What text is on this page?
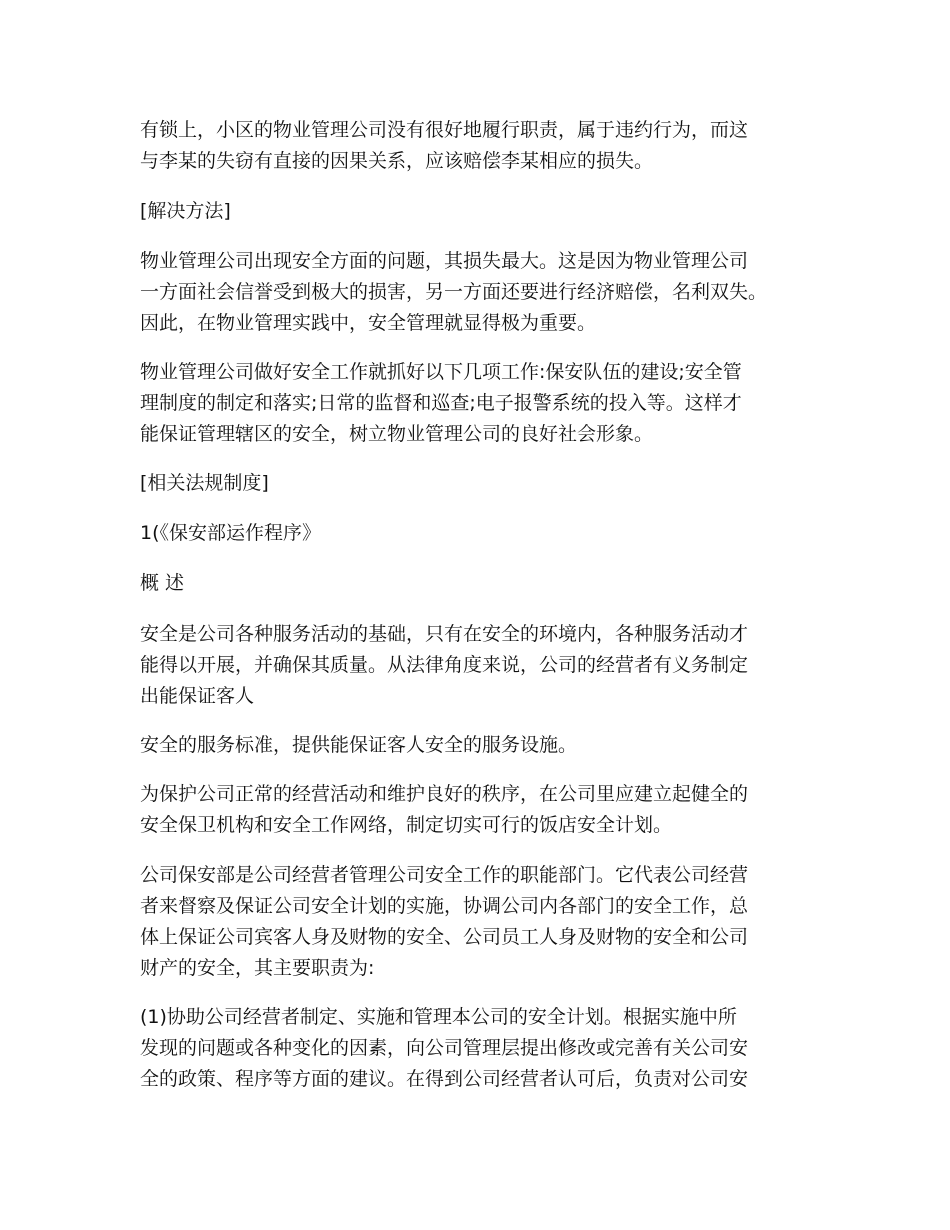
有锁上，小区的物业管理公司没有很好地履行职责，属于违约行为，而这
与李某的失窃有直接的因果关系，应该赔偿李某相应的损失。

[解决方法]

物业管理公司出现安全方面的问题，其损失最大。这是因为物业管理公司
一方面社会信誉受到极大的损害，另一方面还要进行经济赔偿，名利双失。
因此，在物业管理实践中，安全管理就显得极为重要。

物业管理公司做好安全工作就抓好以下几项工作:保安队伍的建设;安全管
理制度的制定和落实;日常的监督和巡查;电子报警系统的投入等。这样才
能保证管理辖区的安全，树立物业管理公司的良好社会形象。

[相关法规制度]

1(《保安部运作程序》

概 述

安全是公司各种服务活动的基础，只有在安全的环境内，各种服务活动才
能得以开展，并确保其质量。从法律角度来说，公司的经营者有义务制定
出能保证客人

安全的服务标准，提供能保证客人安全的服务设施。

为保护公司正常的经营活动和维护良好的秩序，在公司里应建立起健全的
安全保卫机构和安全工作网络，制定切实可行的饭店安全计划。

公司保安部是公司经营者管理公司安全工作的职能部门。它代表公司经营
者来督察及保证公司安全计划的实施，协调公司内各部门的安全工作，总
体上保证公司宾客人身及财物的安全、公司员工人身及财物的安全和公司
财产的安全，其主要职责为:

(1)协助公司经营者制定、实施和管理本公司的安全计划。根据实施中所
发现的问题或各种变化的因素，向公司管理层提出修改或完善有关公司安
全的政策、程序等方面的建议。在得到公司经营者认可后，负责对公司安
